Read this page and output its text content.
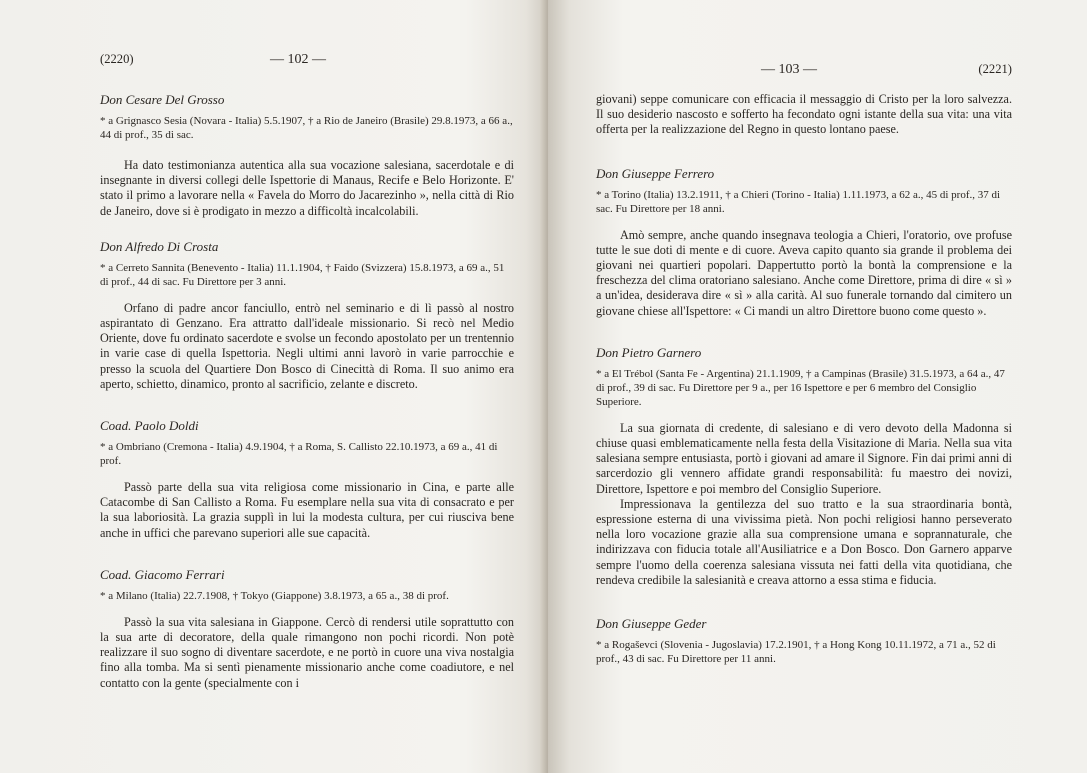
(2220)	— 102 —

Don Cesare Del Grosso

* a Grignasco Sesia (Novara - Italia) 5.5.1907, † a Rio de Janeiro (Brasile) 29.8.1973, a 66 a., 44 di prof., 35 di sac.

Ha dato testimonianza autentica alla sua vocazione salesiana, sacerdotale e di insegnante in diversi collegi delle Ispettorie di Manaus, Recife e Belo Horizonte. E' stato il primo a lavorare nella « Favela do Morro do Jacarezinho », nella città di Rio de Janeiro, dove si è prodigato in mezzo a difficoltà incalcolabili.

Don Alfredo Di Crosta

* a Cerreto Sannita (Benevento - Italia) 11.1.1904, † Faido (Svizzera) 15.8.1973, a 69 a., 51 di prof., 44 di sac. Fu Direttore per 3 anni.

Orfano di padre ancor fanciullo, entrò nel seminario e di lì passò al nostro aspirantato di Genzano. Era attratto dall'ideale missionario. Si recò nel Medio Oriente, dove fu ordinato sacerdote e svolse un fecondo apostolato per un trentennio in varie case di quella Ispettoria. Negli ultimi anni lavorò in varie parrocchie e presso la scuola del Quartiere Don Bosco di Cinecittà di Roma. Il suo animo era aperto, schietto, dinamico, pronto al sacrificio, zelante e discreto.

Coad. Paolo Doldi

* a Ombriano (Cremona - Italia) 4.9.1904, † a Roma, S. Callisto 22.10.1973, a 69 a., 41 di prof.

Passò parte della sua vita religiosa come missionario in Cina, e parte alle Catacombe di San Callisto a Roma. Fu esemplare nella sua vita di consacrato e per la sua laboriosità. La grazia supplì in lui la modesta cultura, per cui riusciva bene anche in uffici che parevano superiori alle sue capacità.

Coad. Giacomo Ferrari

* a Milano (Italia) 22.7.1908, † Tokyo (Giappone) 3.8.1973, a 65 a., 38 di prof.

Passò la sua vita salesiana in Giappone. Cercò di rendersi utile soprattutto con la sua arte di decoratore, della quale rimangono non pochi ricordi. Non potè realizzare il suo sogno di diventare sacerdote, e ne portò in cuore una viva nostalgia fino alla tomba. Ma si sentì pienamente missionario anche come coadiutore, e nel contatto con la gente (specialmente con i

— 103 —	(2221)

giovani) seppe comunicare con efficacia il messaggio di Cristo per la loro salvezza. Il suo desiderio nascosto e sofferto ha fecondato ogni istante della sua vita: una vita offerta per la realizzazione del Regno in questo lontano paese.

Don Giuseppe Ferrero

* a Torino (Italia) 13.2.1911, † a Chieri (Torino - Italia) 1.11.1973, a 62 a., 45 di prof., 37 di sac. Fu Direttore per 18 anni.

Amò sempre, anche quando insegnava teologia a Chieri, l'oratorio, ove profuse tutte le sue doti di mente e di cuore. Aveva capito quanto sia grande il problema dei giovani nei quartieri popolari. Dappertutto portò la bontà la comprensione e la freschezza del clima oratoriano salesiano. Anche come Direttore, prima di dire « sì » a un'idea, desiderava dire « sì » alla carità. Al suo funerale tornando dal cimitero un giovane chiese all'Ispettore: « Ci mandi un altro Direttore buono come questo ».

Don Pietro Garnero

* a El Trébol (Santa Fe - Argentina) 21.1.1909, † a Campinas (Brasile) 31.5.1973, a 64 a., 47 di prof., 39 di sac. Fu Direttore per 9 a., per 16 Ispettore e per 6 membro del Consiglio Superiore.

La sua giornata di credente, di salesiano e di vero devoto della Madonna si chiuse quasi emblematicamente nella festa della Visitazione di Maria. Nella sua vita salesiana sempre entusiasta, portò i giovani ad amare il Signore. Fin dai primi anni di sarcerdozio gli vennero affidate grandi responsabilità: fu maestro dei novizi, Direttore, Ispettore e poi membro del Consiglio Superiore.

Impressionava la gentilezza del suo tratto e la sua straordinaria bontà, espressione esterna di una vivissima pietà. Non pochi religiosi hanno perseverato nella loro vocazione grazie alla sua comprensione umana e soprannaturale, che indirizzava con fiducia totale all'Ausiliatrice e a Don Bosco. Don Garnero apparve sempre l'uomo della coerenza salesiana vissuta nei fatti della vita quotidiana, che rendeva credibile la salesianità e creava attorno a essa stima e fiducia.

Don Giuseppe Geder

* a Rogaševci (Slovenia - Jugoslavia) 17.2.1901, † a Hong Kong 10.11.1972, a 71 a., 52 di prof., 43 di sac. Fu Direttore per 11 anni.
